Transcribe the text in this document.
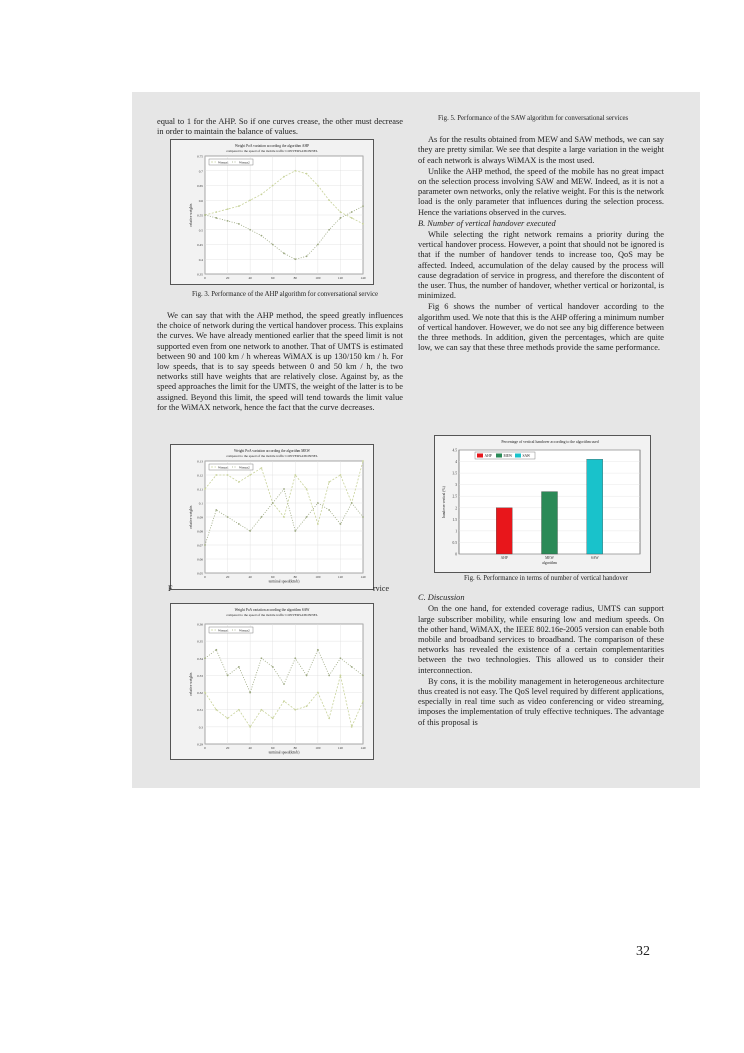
equal to 1 for the AHP. So if one curves crease, the other must decrease in order to maintain the balance of values.

Weight PoA variation according the algorithm AHP
compared to the speed of the mobile traffic CONVERSATIONNEL
0.75
0.7
0.65
0.6
0.55
0.5
0.45
0.4
0.35
0	20	40	60	80	100	120	140
relative weights
Wmax1	Wmax2

Fig. 3. Performance of the AHP algorithm for conversational service

We can say that with the AHP method, the speed greatly influences the choice of network during the vertical handover process. This explains the curves. We have already mentioned earlier that the speed limit is not supported even from one network to another. That of UMTS is estimated between 90 and 100 km / h whereas WiMAX is up 130/150 km / h. For low speeds, that is to say speeds between 0 and 50 km / h, the two networks still have weights that are relatively close. Against by, as the speed approaches the limit for the UMTS, the weight of the latter is to be assigned. Beyond this limit, the speed will tend towards the limit value for the WiMAX network, hence the fact that the curve decreases.

Weight PoA variation according the algorithm MEW
compared to the speed of the mobile traffic CONVERSATIONNEL
0.13
0.12
0.11
0.1
0.09
0.08
0.07
0.06
0.05
0	20	40	60	80	100	120	140
terminal speed(km/h)
relative weights
Wmax1	Wmax2
F	rvice
Weight PoA variation according the algorithm SAW
compared to the speed of the mobile traffic CONVERSATIONNEL
0.36
0.35
0.34
0.33
0.32
0.31
0.3
0.29
0	20	40	60	80	100	120	140
terminal speed(km/h)
relative weights
Wmax1	Wmax2

Fig. 5. Performance of the SAW algorithm for conversational services

As for the results obtained from MEW and SAW methods, we can say they are pretty similar. We see that despite a large variation in the weight of each network is always WiMAX is the most used.

Unlike the AHP method, the speed of the mobile has no great impact on the selection process involving SAW and MEW. Indeed, as it is not a parameter own networks, only the relative weight. For this is the network load is the only parameter that influences during the selection process. Hence the variations observed in the curves.

B. Number of vertical handover executed

While selecting the right network remains a priority during the vertical handover process. However, a point that should not be ignored is that if the number of handover tends to increase too, QoS may be affected. Indeed, accumulation of the delay caused by the process will cause degradation of service in progress, and therefore the discontent of the user. Thus, the number of handover, whether vertical or horizontal, is minimized.

Fig 6 shows the number of vertical handover according to the algorithm used. We note that this is the AHP offering a minimum number of vertical handover. However, we do not see any big difference between the three methods. In addition, given the percentages, which are quite low, we can say that these three methods provide the same performance.

Percentage of vertical handover according to the algorithm used
4.5
4
3.5
3
2.5
2
1.5
1
0.5
0
AHP	MEW	SAW
algorithm
handover vertical (%)
AHP	MEW	SAW

Fig. 6. Performance in terms of number of vertical handover

C. Discussion

On the one hand, for extended coverage radius, UMTS can support large subscriber mobility, while ensuring low and medium speeds. On the other hand, WiMAX, the IEEE 802.16e-2005 version can enable both mobile and broadband services to broadband. The comparison of these networks has revealed the existence of a certain complementarities between the two technologies. This allowed us to consider their interconnection.

By cons, it is the mobility management in heterogeneous architecture thus created is not easy. The QoS level required by different applications, especially in real time such as video conferencing or video streaming, imposes the implementation of truly effective techniques. The advantage of this proposal is

32
